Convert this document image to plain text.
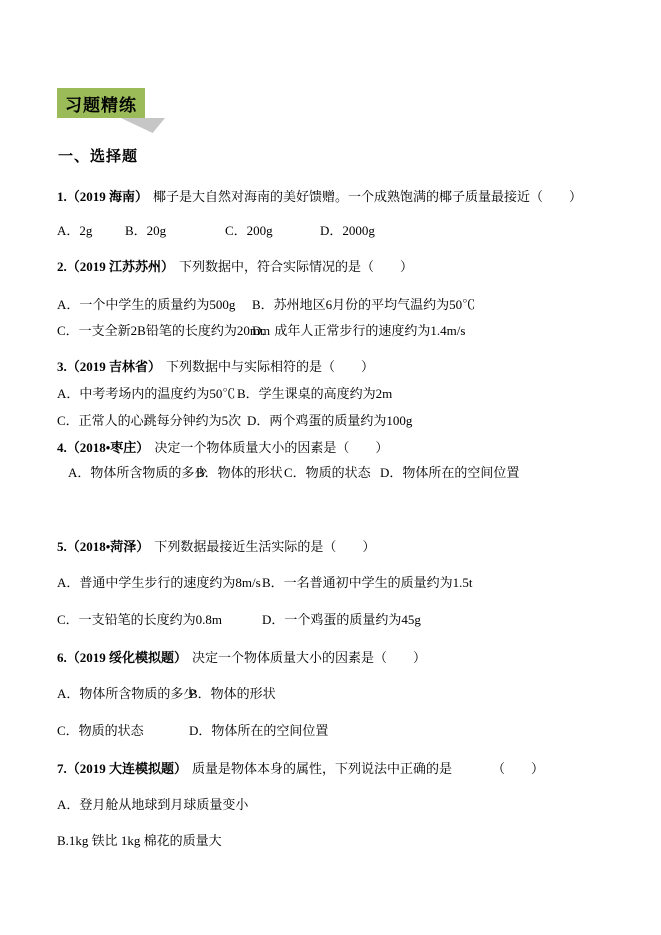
习题精练
一、选择题
1.（2019 海南） 椰子是大自然对海南的美好馈赠。一个成熟饱满的椰子质量最接近（　　）
A．2g	B．20g	C．200g	D．2000g
2.（2019 江苏苏州） 下列数据中，符合实际情况的是（　　）
A．一个中学生的质量约为500g B．苏州地区6月份的平均气温约为50℃
C．一支全新2B铅笔的长度约为20mmD．成年人正常步行的速度约为1.4m/s
3.（2019 吉林省） 下列数据中与实际相符的是（　　）
A．中考考场内的温度约为50℃ B．学生课桌的高度约为2m
C．正常人的心跳每分钟约为5次 D．两个鸡蛋的质量约为100g
4.（2018•枣庄） 决定一个物体质量大小的因素是（　　）
A．物体所含物质的多少B．物体的形状C．物质的状态 D．物体所在的空间位置
5.（2018•菏泽） 下列数据最接近生活实际的是（　　）
A．普通中学生步行的速度约为8m/sB．一名普通初中学生的质量约为1.5t
C．一支铅笔的长度约为0.8m	D．一个鸡蛋的质量约为45g
6.（2019 绥化模拟题） 决定一个物体质量大小的因素是（　　）
A．物体所含物质的多少B．物体的形状
C．物质的状态	D．物体所在的空间位置
7.（2019 大连模拟题） 质量是物体本身的属性，下列说法中正确的是	（　　）
A．登月舱从地球到月球质量变小
B.1kg 铁比 1kg 棉花的质量大
